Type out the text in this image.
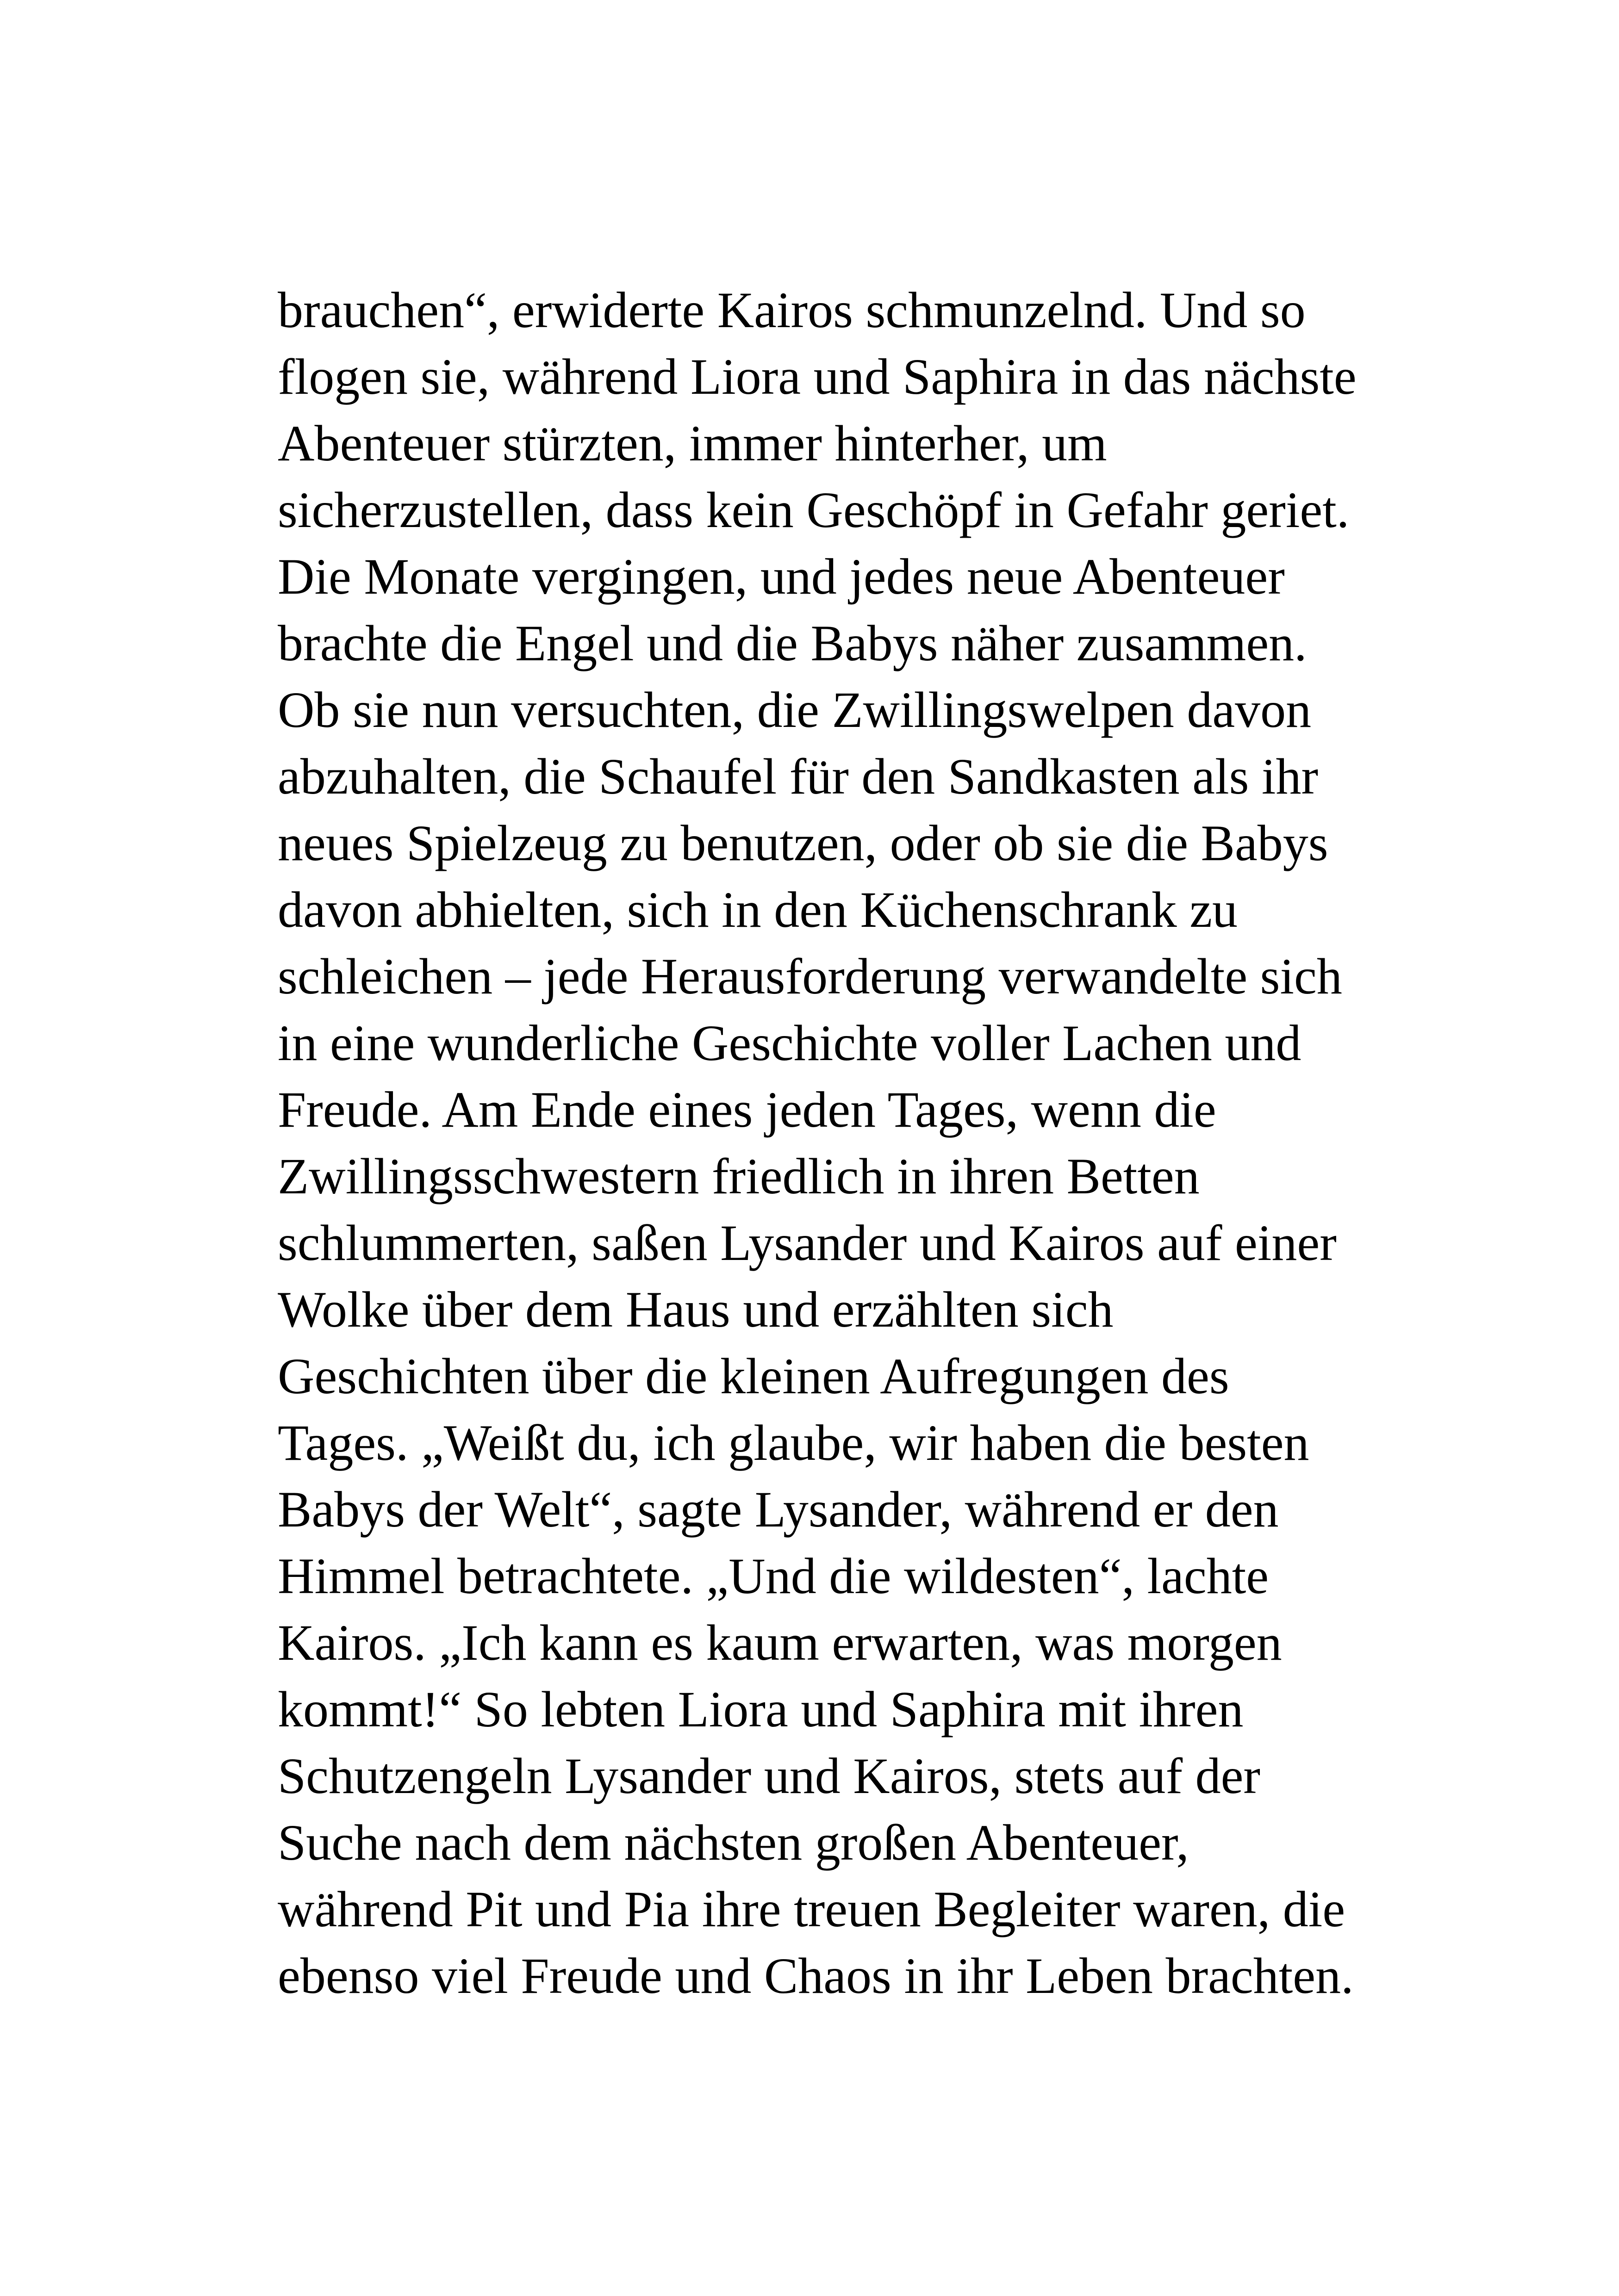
brauchen“, erwiderte Kairos schmunzelnd. Und so
flogen sie, während Liora und Saphira in das nächste
Abenteuer stürzten, immer hinterher, um
sicherzustellen, dass kein Geschöpf in Gefahr geriet.
Die Monate vergingen, und jedes neue Abenteuer
brachte die Engel und die Babys näher zusammen.
Ob sie nun versuchten, die Zwillingswelpen davon
abzuhalten, die Schaufel für den Sandkasten als ihr
neues Spielzeug zu benutzen, oder ob sie die Babys
davon abhielten, sich in den Küchenschrank zu
schleichen – jede Herausforderung verwandelte sich
in eine wunderliche Geschichte voller Lachen und
Freude. Am Ende eines jeden Tages, wenn die
Zwillingsschwestern friedlich in ihren Betten
schlummerten, saßen Lysander und Kairos auf einer
Wolke über dem Haus und erzählten sich
Geschichten über die kleinen Aufregungen des
Tages. „Weißt du, ich glaube, wir haben die besten
Babys der Welt“, sagte Lysander, während er den
Himmel betrachtete. „Und die wildesten“, lachte
Kairos. „Ich kann es kaum erwarten, was morgen
kommt!“ So lebten Liora und Saphira mit ihren
Schutzengeln Lysander und Kairos, stets auf der
Suche nach dem nächsten großen Abenteuer,
während Pit und Pia ihre treuen Begleiter waren, die
ebenso viel Freude und Chaos in ihr Leben brachten.
